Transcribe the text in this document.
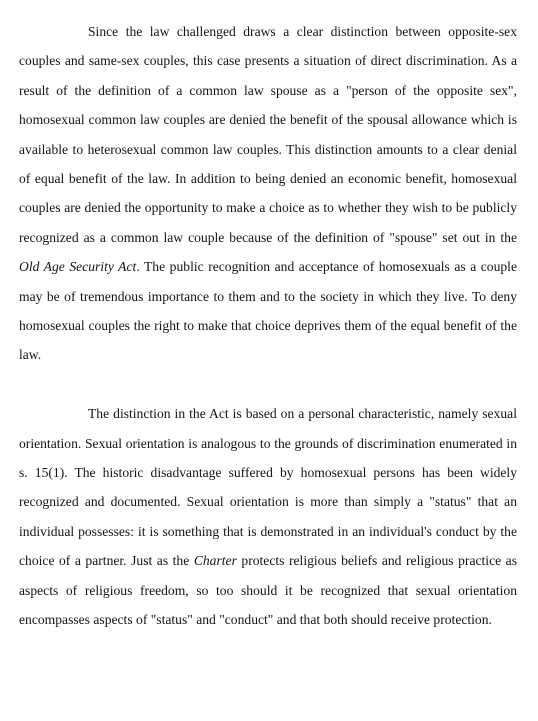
Since the law challenged draws a clear distinction between opposite-sex couples and same-sex couples, this case presents a situation of direct discrimination. As a result of the definition of a common law spouse as a "person of the opposite sex", homosexual common law couples are denied the benefit of the spousal allowance which is available to heterosexual common law couples. This distinction amounts to a clear denial of equal benefit of the law. In addition to being denied an economic benefit, homosexual couples are denied the opportunity to make a choice as to whether they wish to be publicly recognized as a common law couple because of the definition of "spouse" set out in the Old Age Security Act. The public recognition and acceptance of homosexuals as a couple may be of tremendous importance to them and to the society in which they live. To deny homosexual couples the right to make that choice deprives them of the equal benefit of the law.

The distinction in the Act is based on a personal characteristic, namely sexual orientation. Sexual orientation is analogous to the grounds of discrimination enumerated in s. 15(1). The historic disadvantage suffered by homosexual persons has been widely recognized and documented. Sexual orientation is more than simply a "status" that an individual possesses: it is something that is demonstrated in an individual's conduct by the choice of a partner. Just as the Charter protects religious beliefs and religious practice as aspects of religious freedom, so too should it be recognized that sexual orientation encompasses aspects of "status" and "conduct" and that both should receive protection.
